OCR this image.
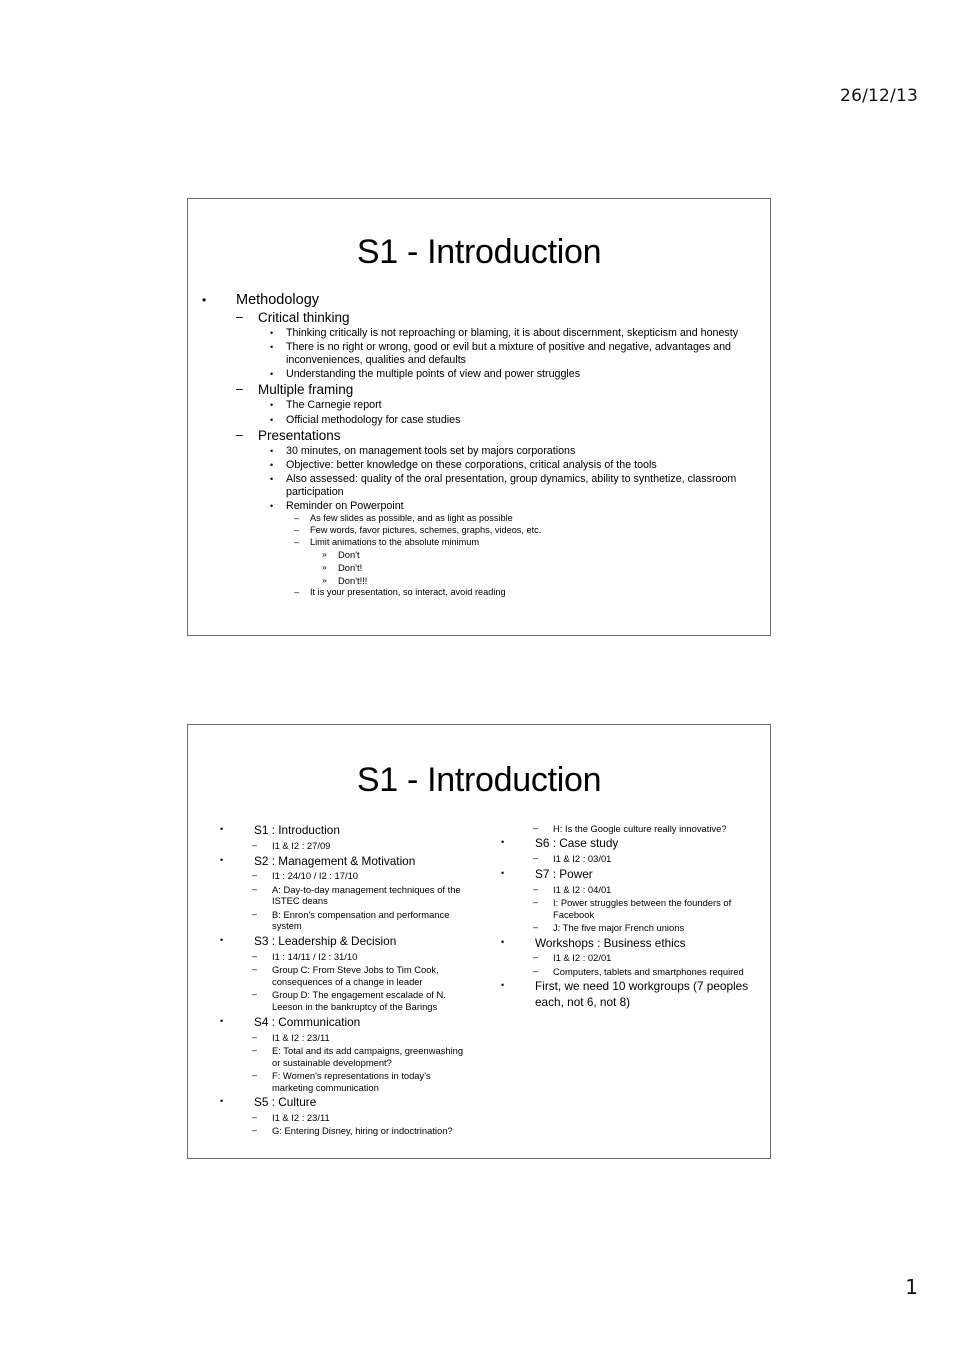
26/12/13
S1 - Introduction
•	Methodology
–	Critical thinking
•	Thinking critically is not reproaching or blaming, it is about discernment, skepticism and honesty
•	There is no right or wrong, good or evil but a mixture of positive and negative, advantages and inconveniences, qualities and defaults
•	Understanding the multiple points of view and power struggles
–	Multiple framing
•	The Carnegie report
•	Official methodology for case studies
–	Presentations
•	30 minutes, on management tools set by majors corporations
•	Objective: better knowledge on these corporations, critical analysis of the tools
•	Also assessed: quality of the oral presentation, group dynamics, ability to synthetize, classroom participation
•	Reminder on Powerpoint
–	As few slides as possible, and as light as possible
–	Few words, favor pictures, schemes, graphs, videos, etc.
–	Limit animations to the absolute minimum
»	Don't
»	Don't!
»	Don't!!!
–	It is your presentation, so interact, avoid reading
S1 - Introduction
•	S1 : Introduction
–	I1 & I2 : 27/09
•	S2 : Management & Motivation
–	I1 : 24/10 / I2 : 17/10
–	A: Day-to-day management techniques of the ISTEC deans
–	B: Enron's compensation and performance system
•	S3 : Leadership & Decision
–	I1 : 14/11 / I2 : 31/10
–	Group C: From Steve Jobs to Tim Cook, consequences of a change in leader
–	Group D: The engagement escalade of N. Leeson in the bankruptcy of the Barings
•	S4 : Communication
–	I1 & I2 : 23/11
–	E: Total and its add campaigns, greenwashing or sustainable development?
–	F: Women's representations in today's marketing communication
•	S5 : Culture
–	I1 & I2 : 23/11
–	G: Entering Disney, hiring or indoctrination?
–	H: Is the Google culture really innovative?
•	S6 : Case study
–	I1 & I2 : 03/01
•	S7 : Power
–	I1 & I2 : 04/01
–	I: Power struggles between the founders of Facebook
–	J: The five major French unions
•	Workshops : Business ethics
–	I1 & I2 : 02/01
–	Computers, tablets and smartphones required
•	First, we need 10 workgroups (7 peoples each, not 6, not 8)
1
